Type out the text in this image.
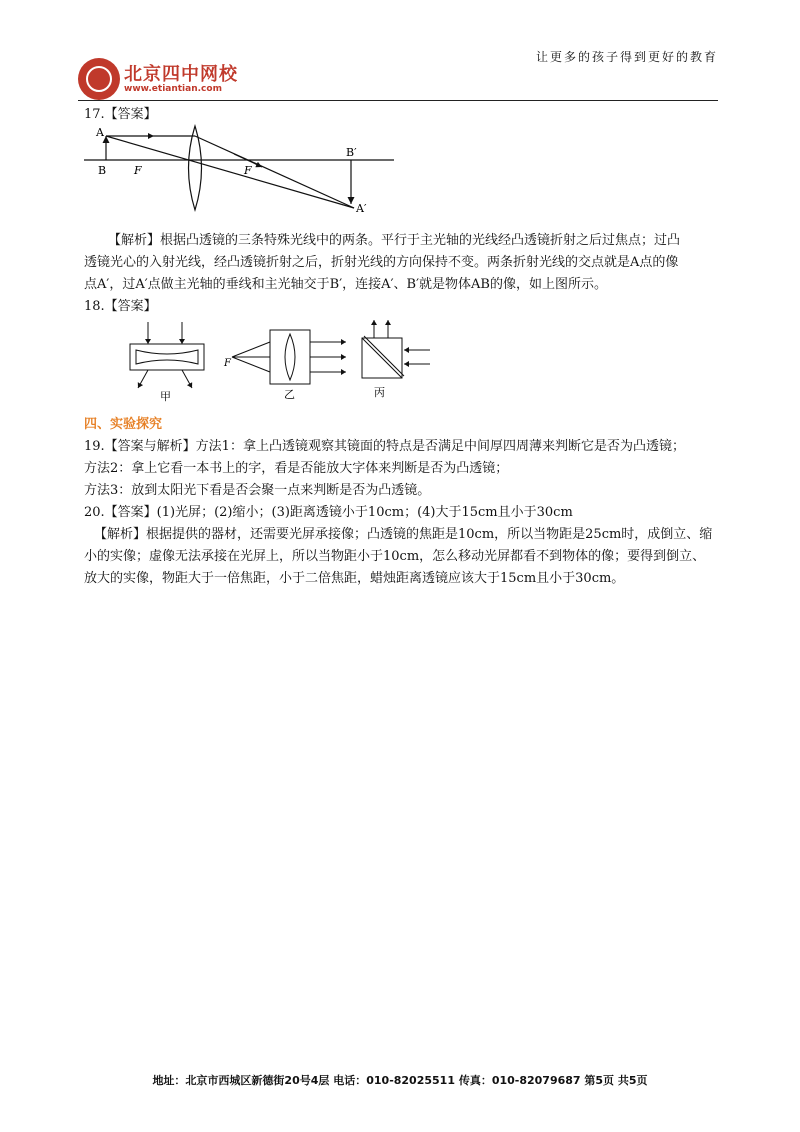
北京四中网校
www.etiantian.com
让更多的孩子得到更好的教育
17.【答案】
A
B	F	F
B′
A′
【解析】根据凸透镜的三条特殊光线中的两条。平行于主光轴的光线经凸透镜折射之后过焦点；过凸
透镜光心的入射光线，经凸透镜折射之后，折射光线的方向保持不变。两条折射光线的交点就是A点的像
点A′，过A′点做主光轴的垂线和主光轴交于B′，连接A′、B′就是物体AB的像，如上图所示。
18.【答案】
甲
F
乙	丙
四、实验探究
19.【答案与解析】方法1：拿上凸透镜观察其镜面的特点是否满足中间厚四周薄来判断它是否为凸透镜；
方法2：拿上它看一本书上的字，看是否能放大字体来判断是否为凸透镜；
方法3：放到太阳光下看是否会聚一点来判断是否为凸透镜。
20.【答案】(1)光屏；(2)缩小；(3)距离透镜小于10cm；(4)大于15cm且小于30cm
【解析】根据提供的器材，还需要光屏承接像；凸透镜的焦距是10cm，所以当物距是25cm时，成倒立、缩
小的实像；虚像无法承接在光屏上，所以当物距小于10cm，怎么移动光屏都看不到物体的像；要得到倒立、
放大的实像，物距大于一倍焦距，小于二倍焦距，蜡烛距离透镜应该大于15cm且小于30cm。
地址：北京市西城区新德街20号4层 电话：010-82025511 传真：010-82079687 第5页 共5页
